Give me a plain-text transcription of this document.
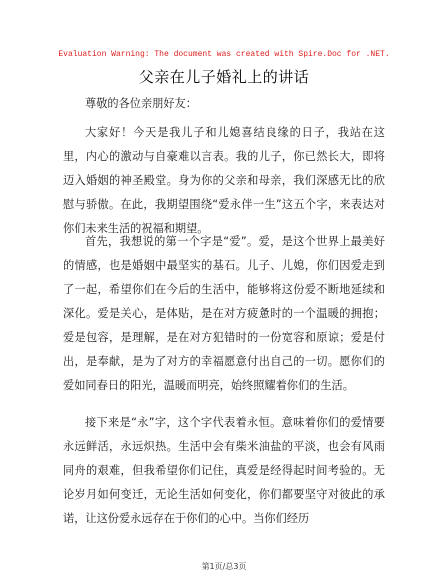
Evaluation Warning: The document was created with Spire.Doc for .NET.
父亲在儿子婚礼上的讲话
尊敬的各位亲朋好友：
大家好！今天是我儿子和儿媳喜结良缘的日子，我站在这里，内心的激动与自豪难以言表。我的儿子，你已然长大，即将迈入婚姻的神圣殿堂。身为你的父亲和母亲，我们深感无比的欣慰与骄傲。在此，我期望围绕“爱永伴一生”这五个字，来表达对你们未来生活的祝福和期望。
首先，我想说的第一个字是“爱”。爱，是这个世界上最美好的情感，也是婚姻中最坚实的基石。儿子、儿媳，你们因爱走到了一起，希望你们在今后的生活中，能够将这份爱不断地延续和深化。爱是关心，是体贴，是在对方疲惫时的一个温暖的拥抱；爱是包容，是理解，是在对方犯错时的一份宽容和原谅；爱是付出，是奉献，是为了对方的幸福愿意付出自己的一切。愿你们的爱如同春日的阳光，温暖而明亮，始终照耀着你们的生活。
接下来是“永”字，这个字代表着永恒。意味着你们的爱情要永远鲜活，永远炽热。生活中会有柴米油盐的平淡，也会有风雨同舟的艰难，但我希望你们记住，真爱是经得起时间考验的。无论岁月如何变迁，无论生活如何变化，你们都要坚守对彼此的承诺，让这份爱永远存在于你们的心中。当你们经历
第1页/总3页
